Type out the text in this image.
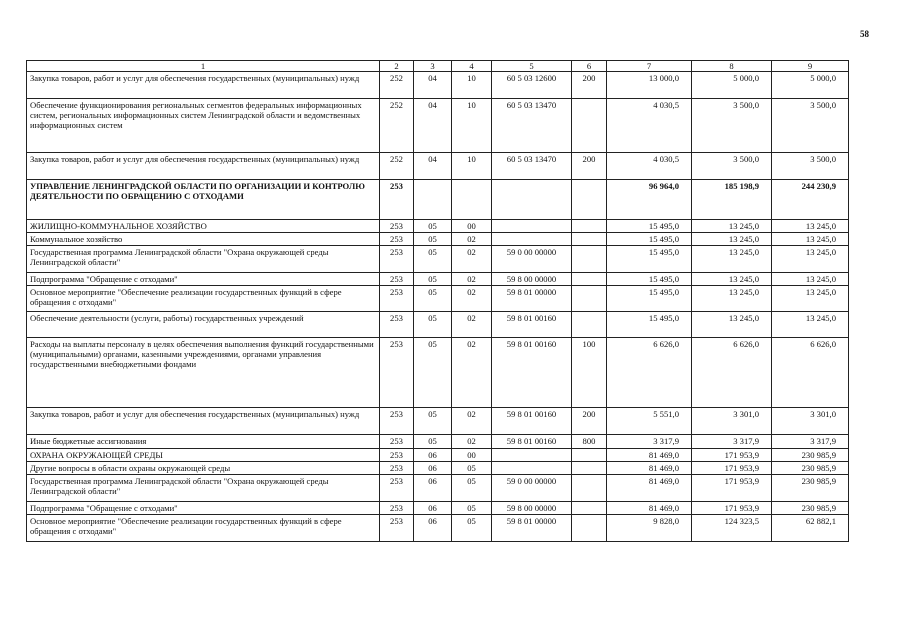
58
1	2	3	4	5	6	7	8	9
Закупка товаров, работ и услуг для обеспечения государственных (муниципальных) нужд	252	04	10	60 5 03 12600	200	13 000,0	5 000,0	5 000,0
Обеспечение функционирования региональных сегментов федеральных информационных систем, региональных информационных систем Ленинградской области и ведомственных информационных систем	252	04	10	60 5 03 13470		4 030,5	3 500,0	3 500,0
Закупка товаров, работ и услуг для обеспечения государственных (муниципальных) нужд	252	04	10	60 5 03 13470	200	4 030,5	3 500,0	3 500,0
УПРАВЛЕНИЕ ЛЕНИНГРАДСКОЙ ОБЛАСТИ ПО ОРГАНИЗАЦИИ И КОНТРОЛЮ ДЕЯТЕЛЬНОСТИ ПО ОБРАЩЕНИЮ С ОТХОДАМИ	253					96 964,0	185 198,9	244 230,9
ЖИЛИЩНО-КОММУНАЛЬНОЕ ХОЗЯЙСТВО	253	05	00			15 495,0	13 245,0	13 245,0
Коммунальное хозяйство	253	05	02			15 495,0	13 245,0	13 245,0
Государственная программа Ленинградской области "Охрана окружающей среды Ленинградской области"	253	05	02	59 0 00 00000		15 495,0	13 245,0	13 245,0
Подпрограмма "Обращение с отходами"	253	05	02	59 8 00 00000		15 495,0	13 245,0	13 245,0
Основное мероприятие "Обеспечение реализации государственных функций в сфере обращения с отходами"	253	05	02	59 8 01 00000		15 495,0	13 245,0	13 245,0
Обеспечение деятельности (услуги, работы) государственных учреждений	253	05	02	59 8 01 00160		15 495,0	13 245,0	13 245,0
Расходы на выплаты персоналу в целях обеспечения выполнения функций государственными (муниципальными) органами, казенными учреждениями, органами управления государственными внебюджетными фондами	253	05	02	59 8 01 00160	100	6 626,0	6 626,0	6 626,0
Закупка товаров, работ и услуг для обеспечения государственных (муниципальных) нужд	253	05	02	59 8 01 00160	200	5 551,0	3 301,0	3 301,0
Иные бюджетные ассигнования	253	05	02	59 8 01 00160	800	3 317,9	3 317,9	3 317,9
ОХРАНА ОКРУЖАЮЩЕЙ СРЕДЫ	253	06	00			81 469,0	171 953,9	230 985,9
Другие вопросы в области охраны окружающей среды	253	06	05			81 469,0	171 953,9	230 985,9
Государственная программа Ленинградской области "Охрана окружающей среды Ленинградской области"	253	06	05	59 0 00 00000		81 469,0	171 953,9	230 985,9
Подпрограмма "Обращение с отходами"	253	06	05	59 8 00 00000		81 469,0	171 953,9	230 985,9
Основное мероприятие "Обеспечение реализации государственных функций в сфере обращения с отходами"	253	06	05	59 8 01 00000		9 828,0	124 323,5	62 882,1
